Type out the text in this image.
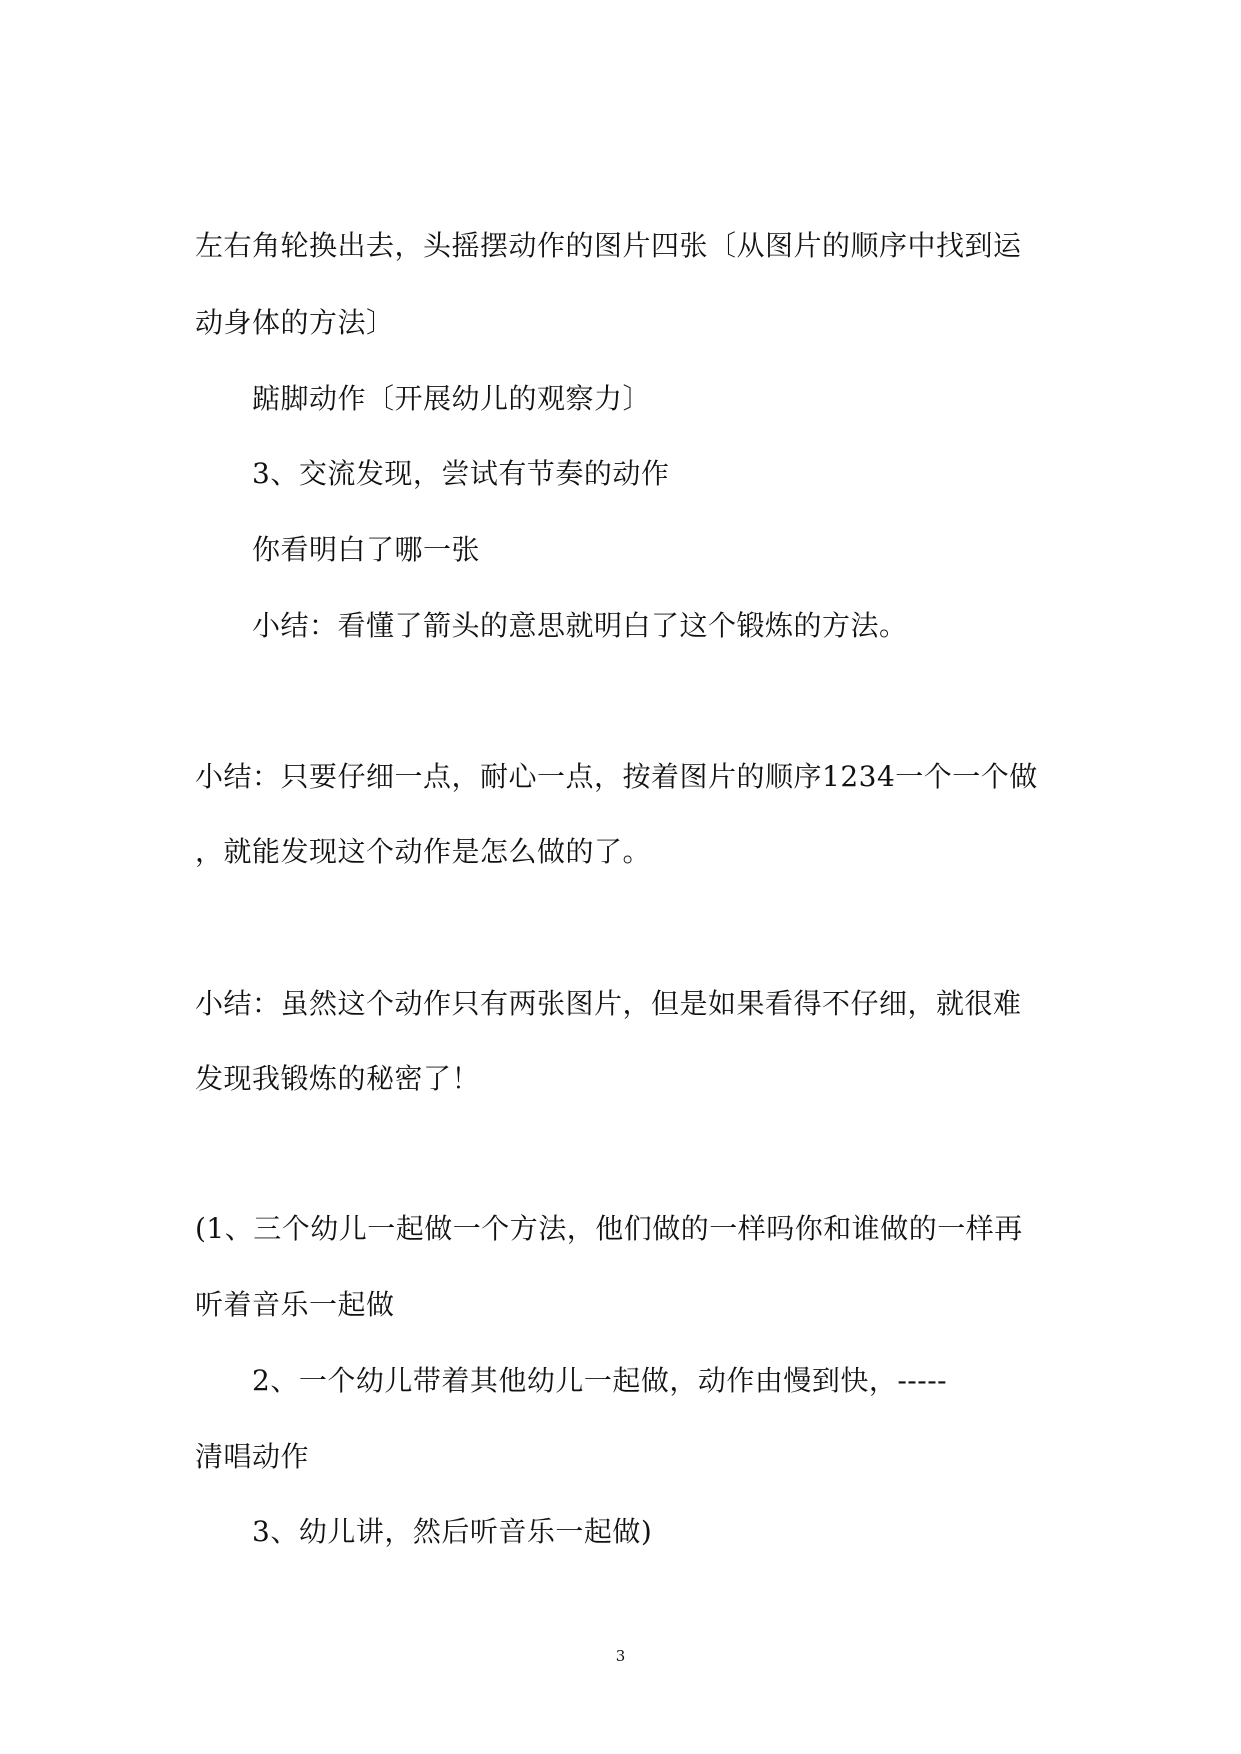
左右角轮换出去，头摇摆动作的图片四张〔从图片的顺序中找到运
动身体的方法〕
踮脚动作〔开展幼儿的观察力〕
3、交流发现，尝试有节奏的动作
你看明白了哪一张
小结：看懂了箭头的意思就明白了这个锻炼的方法。
小结：只要仔细一点，耐心一点，按着图片的顺序1234一个一个做
，就能发现这个动作是怎么做的了。
小结：虽然这个动作只有两张图片，但是如果看得不仔细，就很难
发现我锻炼的秘密了！
(1、三个幼儿一起做一个方法，他们做的一样吗你和谁做的一样再
听着音乐一起做
2、一个幼儿带着其他幼儿一起做，动作由慢到快，-----
清唱动作
3、幼儿讲，然后听音乐一起做)
3
